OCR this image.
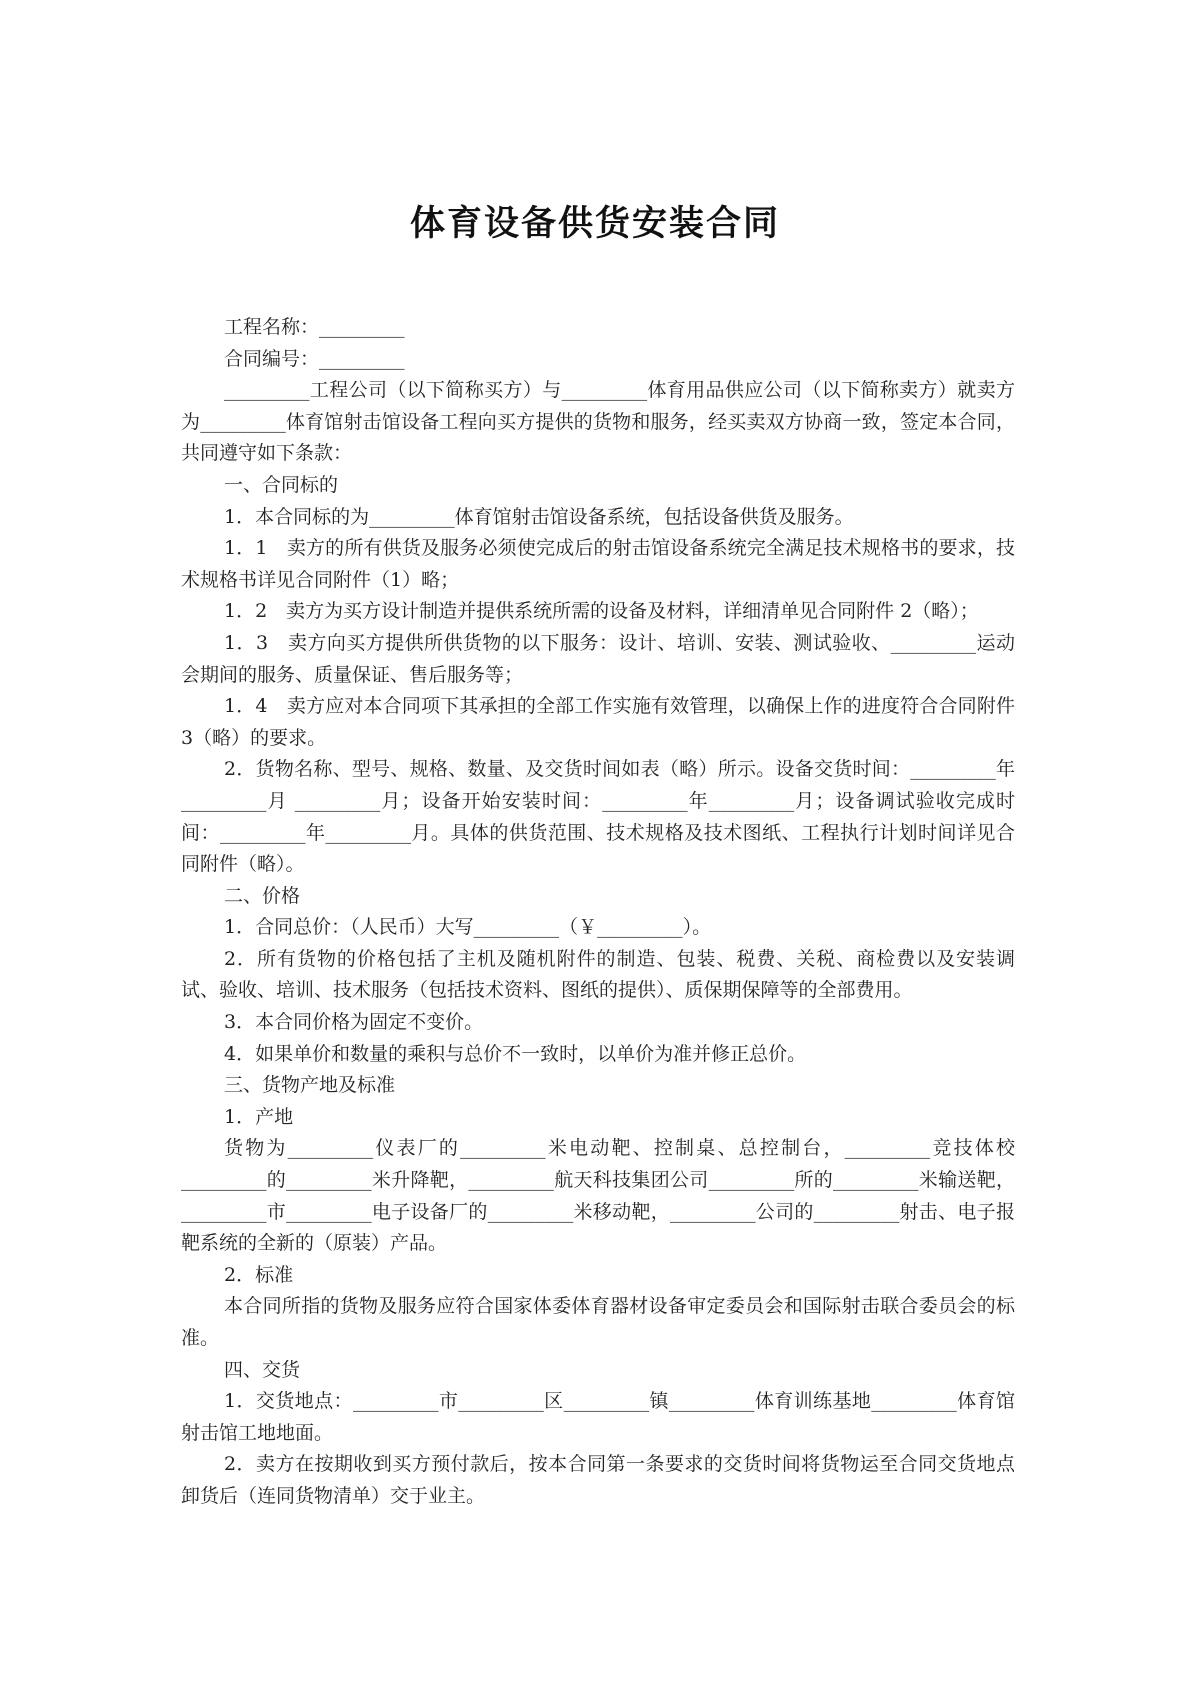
体育设备供货安装合同

工程名称：_________

合同编号：_________

_________工程公司（以下简称买方）与_________体育用品供应公司（以下简称卖方）就卖方为_________体育馆射击馆设备工程向买方提供的货物和服务，经买卖双方协商一致，签定本合同，共同遵守如下条款：

一、合同标的

1．本合同标的为_________体育馆射击馆设备系统，包括设备供货及服务。

1．1　卖方的所有供货及服务必须使完成后的射击馆设备系统完全满足技术规格书的要求，技术规格书详见合同附件（1）略；

1．2　卖方为买方设计制造并提供系统所需的设备及材料，详细清单见合同附件 2（略）；

1．3　卖方向买方提供所供货物的以下服务：设计、培训、安装、测试验收、_________运动会期间的服务、质量保证、售后服务等；

1．4　卖方应对本合同项下其承担的全部工作实施有效管理，以确保上作的进度符合合同附件 3（略）的要求。

2．货物名称、型号、规格、数量、及交货时间如表（略）所示。设备交货时间：_________年_________月 _________月；设备开始安装时间：_________年_________月；设备调试验收完成时间：_________年_________月。具体的供货范围、技术规格及技术图纸、工程执行计划时间详见合同附件（略）。

二、价格

1．合同总价：（人民币）大写_________（￥_________）。

2．所有货物的价格包括了主机及随机附件的制造、包装、税费、关税、商检费以及安装调试、验收、培训、技术服务（包括技术资料、图纸的提供）、质保期保障等的全部费用。

3．本合同价格为固定不变价。

4．如果单价和数量的乘积与总价不一致时，以单价为准并修正总价。

三、货物产地及标准

1．产地

货物为_________仪表厂的_________米电动靶、控制桌、总控制台，_________竞技体校_________的_________米升降靶，_________航天科技集团公司_________所的_________米输送靶，_________市_________电子设备厂的_________米移动靶，_________公司的_________射击、电子报靶系统的全新的（原装）产品。

2．标准

本合同所指的货物及服务应符合国家体委体育器材设备审定委员会和国际射击联合委员会的标准。

四、交货

1．交货地点：_________市_________区_________镇_________体育训练基地_________体育馆射击馆工地地面。

2．卖方在按期收到买方预付款后，按本合同第一条要求的交货时间将货物运至合同交货地点卸货后（连同货物清单）交于业主。
